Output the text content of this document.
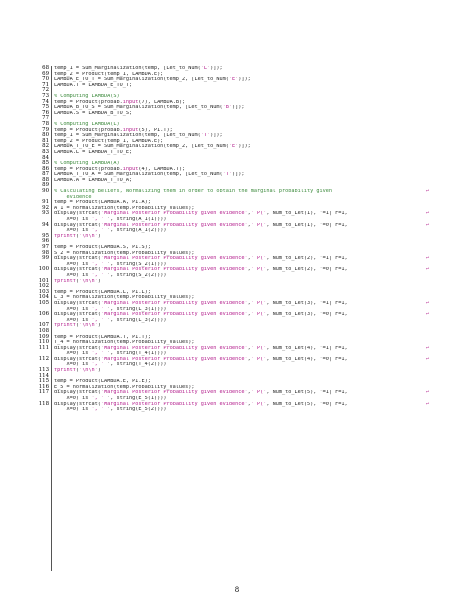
68 temp_1 = Sum_Marginalization(temp, [Let_to_Num('L')]);
69 temp_2 = Product(temp_1, LAMBDA.E);
70 LAMBDA_E_TO_T = Sum_Marginalization(temp_2, [Let_to_Num('E')]);
71 LAMBDA.T = LAMBDA_E_TO_T;
72
73 % Computing LAMBDA(S)
74 temp = Product(probab.input(7), LAMBDA.B);
75 LAMBDA_B_TO_S = Sum_Marginalization(temp, [Let_to_Num('B')]);
76 LAMBDA.S = LAMBDA_B_TO_S;
77
78 % Computing LAMBDA(L)
79 temp = Product(probab.input(5), PI.T);
80 temp_1 = Sum_Marginalization(temp, [Let_to_Num('T')]);
81 temp_2 = Product(temp_1, LAMBDA.E);
82 LAMBDA_T_TO_E = Sum_Marginalization(temp_2, [Let_to_Num('E')]);
83 LAMBDA.L = LAMBDA_T_TO_E;
84
85 % Computing LAMBDA(A)
86 temp = Product(probab.input(4), LAMBDA.T);
87 LAMBDA_T_TO_A = Sum_Marginalization(temp, [Let_to_Num('T')]);
88 LAMBDA.A = LAMBDA_T_TO_A;
89
90 % Calculating Beliefs, Normalizing them in order to obtain the marginal probability given	↩
evidence
91 temp = Product(LAMBDA.A, PI.A);
92 A_1 = normalization(temp.Probability_Values);
93 display(strcat('Marginal Posterior Probability given evidence',' P(', Num_to_Let(1), '=1| F=1,	↩
X=0) is ', ' ', string(A_1(1))))
94 display(strcat('Marginal Posterior Probability given evidence',' P(', Num_to_Let(1), '=0| F=1,	↩
X=0) is ', ' ', string(A_1(2))))
95 fprintf('\n\n')
96
97 temp = Product(LAMBDA.S, PI.S);
98 S_2 = normalization(temp.Probability_Values);
99 display(strcat('Marginal Posterior Probability given evidence',' P(', Num_to_Let(2), '=1| F=1,	↩
X=0) is ', ' ', string(S_2(1))))
100 display(strcat('Marginal Posterior Probability given evidence',' P(', Num_to_Let(2), '=0| F=1,	↩
X=0) is ', ' ', string(S_2(2))))
101 fprintf('\n\n')
102
103 temp = Product(LAMBDA.L, PI.L);
104 L_3 = normalization(temp.Probability_Values);
105 display(strcat('Marginal Posterior Probability given evidence',' P(', Num_to_Let(3), '=1| F=1,	↩
X=0) is ', ' ', string(L_3(1))))
106 display(strcat('Marginal Posterior Probability given evidence',' P(', Num_to_Let(3), '=0| F=1,	↩
X=0) is ', ' ', string(L_3(2))))
107 fprintf('\n\n')
108
109 temp = Product(LAMBDA.T, PI.T);
110 T_4 = normalization(temp.Probability_Values);
111 display(strcat('Marginal Posterior Probability given evidence',' P(', Num_to_Let(4), '=1| F=1,	↩
X=0) is ', ' ', string(T_4(1))))
112 display(strcat('Marginal Posterior Probability given evidence',' P(', Num_to_Let(4), '=0| F=1,	↩
X=0) is ', ' ', string(T_4(2))))
113 fprintf('\n\n')
114
115 temp = Product(LAMBDA.E, PI.E);
116 E_5 = normalization(temp.Probability_Values);
117 display(strcat('Marginal Posterior Probability given evidence',' P(', Num_to_Let(5), '=1| F=1,	↩
X=0) is ', ' ', string(E_5(1))))
118 display(strcat('Marginal Posterior Probability given evidence',' P(', Num_to_Let(5), '=0| F=1,	↩
X=0) is ', ' ', string(E_5(2))))
8
